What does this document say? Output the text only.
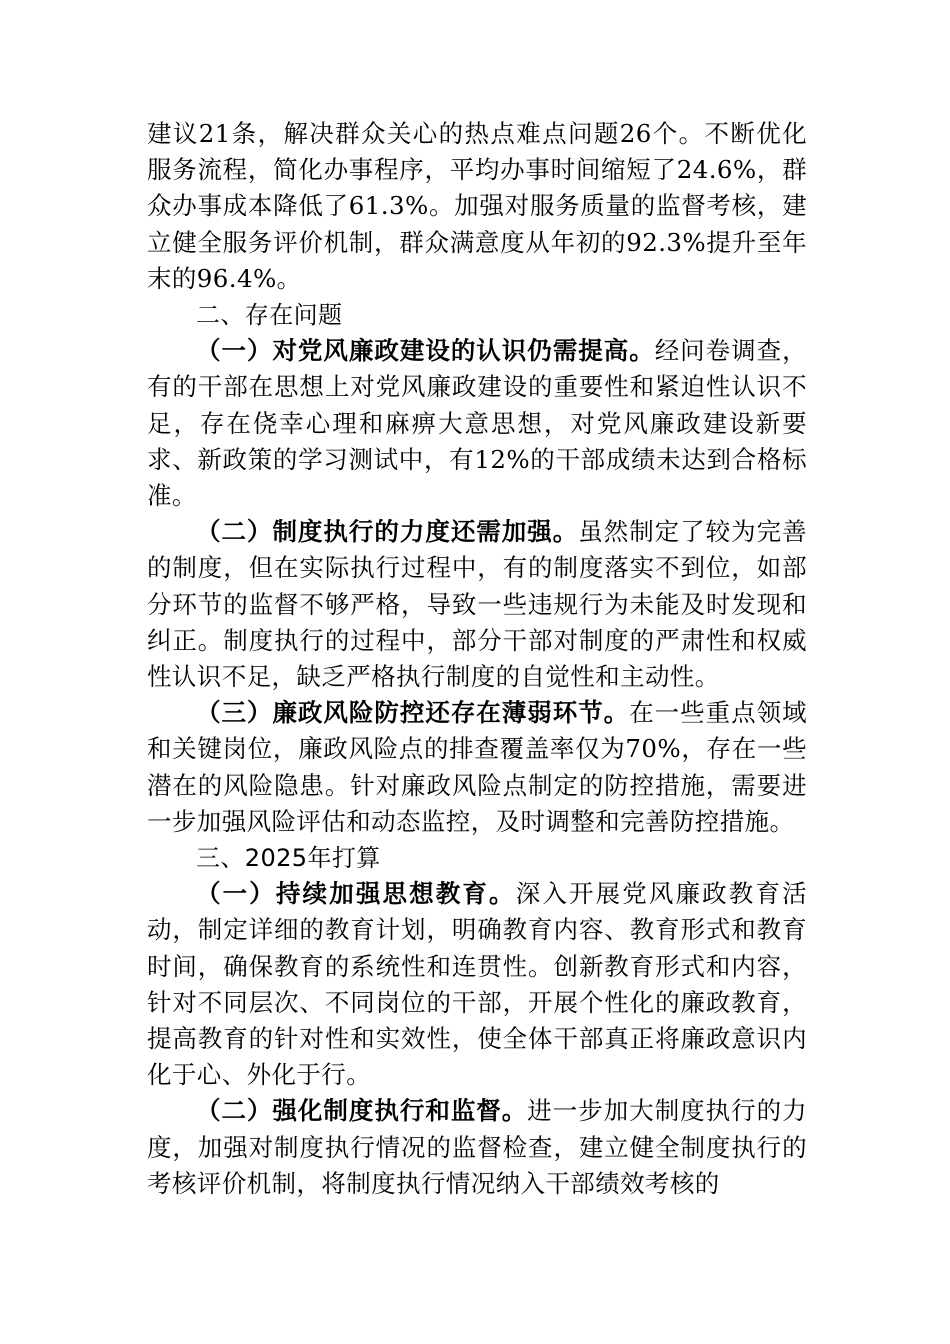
建议21条，解决群众关心的热点难点问题26个。不断优化服务流程，简化办事程序，平均办事时间缩短了24.6%，群众办事成本降低了61.3%。加强对服务质量的监督考核，建立健全服务评价机制，群众满意度从年初的92.3%提升至年末的96.4%。

二、存在问题

（一）对党风廉政建设的认识仍需提高。经问卷调查，有的干部在思想上对党风廉政建设的重要性和紧迫性认识不足，存在侥幸心理和麻痹大意思想，对党风廉政建设新要求、新政策的学习测试中，有12%的干部成绩未达到合格标准。

（二）制度执行的力度还需加强。虽然制定了较为完善的制度，但在实际执行过程中，有的制度落实不到位，如部分环节的监督不够严格，导致一些违规行为未能及时发现和纠正。制度执行的过程中，部分干部对制度的严肃性和权威性认识不足，缺乏严格执行制度的自觉性和主动性。

（三）廉政风险防控还存在薄弱环节。在一些重点领域和关键岗位，廉政风险点的排查覆盖率仅为70%，存在一些潜在的风险隐患。针对廉政风险点制定的防控措施，需要进一步加强风险评估和动态监控，及时调整和完善防控措施。

三、2025年打算

（一）持续加强思想教育。深入开展党风廉政教育活动，制定详细的教育计划，明确教育内容、教育形式和教育时间，确保教育的系统性和连贯性。创新教育形式和内容，针对不同层次、不同岗位的干部，开展个性化的廉政教育，提高教育的针对性和实效性，使全体干部真正将廉政意识内化于心、外化于行。

（二）强化制度执行和监督。进一步加大制度执行的力度，加强对制度执行情况的监督检查，建立健全制度执行的考核评价机制，将制度执行情况纳入干部绩效考核的
